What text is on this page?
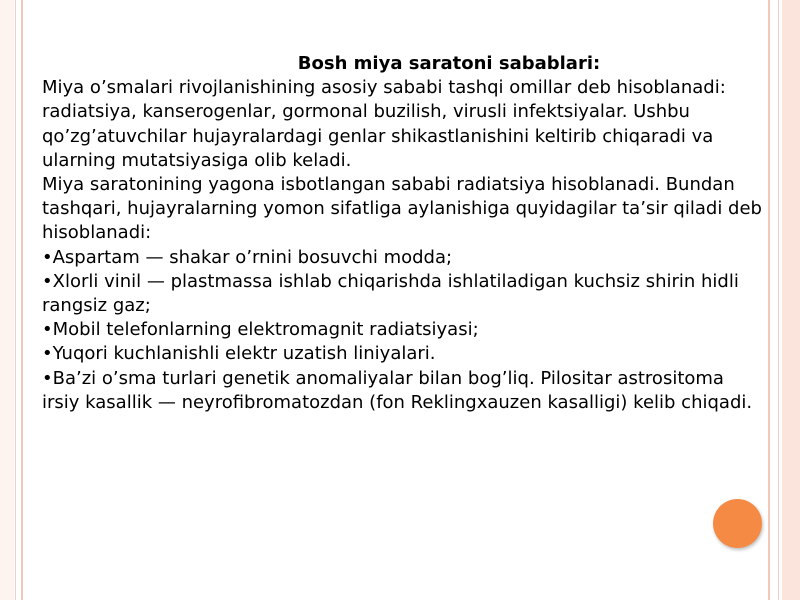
Bosh miya saratoni sabablari:

Miya o’smalari rivojlanishining asosiy sababi tashqi omillar deb hisoblanadi: radiatsiya, kanserogenlar, gormonal buzilish, virusli infektsiyalar. Ushbu qo’zg’atuvchilar hujayralardagi genlar shikastlanishini keltirib chiqaradi va ularning mutatsiyasiga olib keladi.

Miya saratonining yagona isbotlangan sababi radiatsiya hisoblanadi. Bundan tashqari, hujayralarning yomon sifatliga aylanishiga quyidagilar ta’sir qiladi deb hisoblanadi:

•Aspartam — shakar o’rnini bosuvchi modda;

•Xlorli vinil — plastmassa ishlab chiqarishda ishlatiladigan kuchsiz shirin hidli rangsiz gaz;

•Mobil telefonlarning elektromagnit radiatsiyasi;

•Yuqori kuchlanishli elektr uzatish liniyalari.

•Ba’zi o’sma turlari genetik anomaliyalar bilan bog’liq. Pilositar astrositoma irsiy kasallik — neyrofibromatozdan (fon Reklingxauzen kasalligi) kelib chiqadi.
